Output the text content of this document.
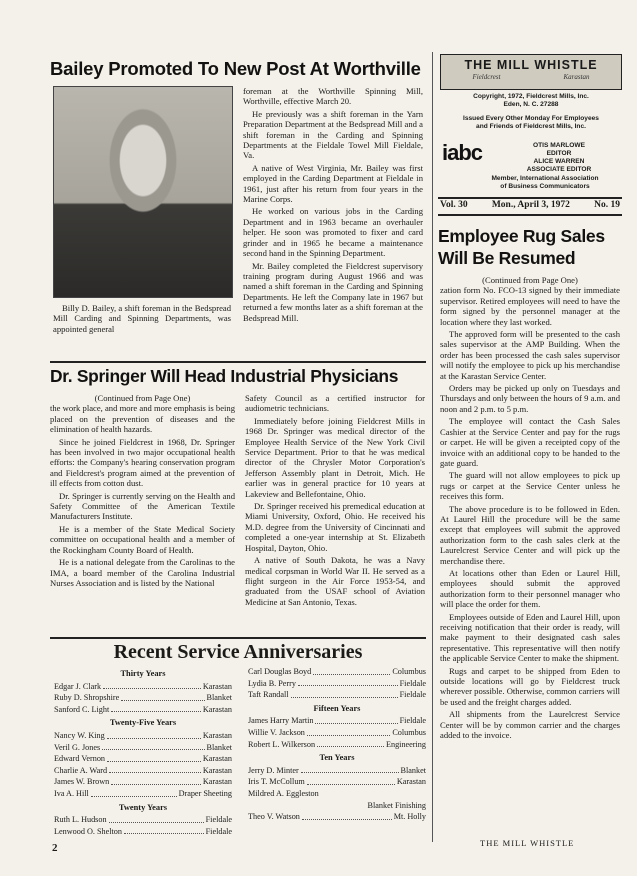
Bailey Promoted To New Post At Worthville

Billy D. Bailey, a shift foreman in the Bedspread Mill Carding and Spinning Departments, was appointed general

foreman at the Worthville Spinning Mill, Worthville, effective March 20.

He previously was a shift foreman in the Yarn Preparation Department at the Bedspread Mill and a shift foreman in the Carding and Spinning Departments at the Fieldale Towel Mill Fieldale, Va.

A native of West Virginia, Mr. Bailey was first employed in the Carding Department at Fieldale in 1961, just after his return from four years in the Marine Corps.

He worked on various jobs in the Carding Department and in 1963 became an overhauler helper. He soon was promoted to fixer and card grinder and in 1965 he became a maintenance second hand in the Spinning Department.

Mr. Bailey completed the Fieldcrest supervisory training program during August 1966 and was named a shift foreman in the Carding and Spinning Departments. He left the Company late in 1967 but returned a few months later as a shift foreman at the Bedspread Mill.

Dr. Springer Will Head Industrial Physicians
(Continued from Page One)

the work place, and more and more emphasis is being placed on the prevention of diseases and the elimination of health hazards.

Since he joined Fieldcrest in 1968, Dr. Springer has been involved in two major occupational health efforts: the Company's hearing conservation program and Fieldcrest's program aimed at the prevention of ill effects from cotton dust.

Dr. Springer is currently serving on the Health and Safety Committee of the American Textile Manufacturers Institute.

He is a member of the State Medical Society committee on occupational health and a member of the Rockingham County Board of Health.

He is a national delegate from the Carolinas to the IMA, a board member of the Carolina Industrial Nurses Association and is listed by the National

Safety Council as a certified instructor for audiometric technicians.

Immediately before joining Fieldcrest Mills in 1968 Dr. Springer was medical director of the Employee Health Service of the New York Civil Service Department. Prior to that he was medical director of the Chrysler Motor Corporation's Jefferson Assembly plant in Detroit, Mich. He earlier was in general practice for 10 years at Lakeview and Bellefontaine, Ohio.

Dr. Springer received his premedical education at Miami University, Oxford, Ohio. He received his M.D. degree from the University of Cincinnati and completed a one-year internship at St. Elizabeth Hospital, Dayton, Ohio.

A native of South Dakota, he was a Navy medical corpsman in World War II. He served as a flight surgeon in the Air Force 1953-54, and graduated from the USAF school of Aviation Medicine at San Antonio, Texas.

Recent Service Anniversaries
Thirty Years
Edgar J. Clark	Karastan
Ruby D. Shropshire	Blanket
Sanford C. Light	Karastan
Twenty-Five Years
Nancy W. King	Karastan
Veril G. Jones	Blanket
Edward Vernon	Karastan
Charlie A. Ward	Karastan
James W. Brown	Karastan
Iva A. Hill	Draper Sheeting
Twenty Years
Ruth L. Hudson	Fieldale
Lenwood O. Shelton	Fieldale
Carl Douglas Boyd	Columbus
Lydia B. Perry	Fieldale
Taft Randall	Fieldale
Fifteen Years
James Harry Martin	Fieldale
Willie V. Jackson	Columbus
Robert L. Wilkerson	Engineering
Ten Years
Jerry D. Minter	Blanket
Iris T. McCollum	Karastan
Mildred A. Eggleston
Blanket Finishing
Theo V. Watson	Mt. Holly
2
THE MILL WHISTLE
Fieldcrest	Karastan
Copyright, 1972, Fieldcrest Mills, Inc.
Eden, N. C. 27288
Issued Every Other Monday For Employees
and Friends of Fieldcrest Mills, Inc.
iabc	OTIS MARLOWE
EDITOR
ALICE WARREN
ASSOCIATE EDITOR
Member, International Association
of Business Communicators
Vol. 30	Mon., April 3, 1972	No. 19
Employee Rug Sales
Will Be Resumed
(Continued from Page One)

zation form No. FCO-13 signed by their immediate supervisor. Retired employees will need to have the form signed by the personnel manager at the location where they last worked.

The approved form will be presented to the cash sales supervisor at the AMP Building. When the order has been processed the cash sales supervisor will notify the employee to pick up his merchandise at the Karastan Service Center.

Orders may be picked up only on Tuesdays and Thursdays and only between the hours of 9 a.m. and noon and 2 p.m. to 5 p.m.

The employee will contact the Cash Sales Cashier at the Service Center and pay for the rugs or carpet. He will be given a receipted copy of the invoice with an additional copy to be handed to the gate guard.

The guard will not allow employees to pick up rugs or carpet at the Service Center unless he receives this form.

The above procedure is to be followed in Eden. At Laurel Hill the procedure will be the same except that employees will submit the approved authorization form to the cash sales clerk at the Laurelcrest Service Center and will pick up the merchandise there.

At locations other than Eden or Laurel Hill, employees should submit the approved authorization form to their personnel manager who will place the order for them.

Employees outside of Eden and Laurel Hill, upon receiving notification that their order is ready, will make payment to their designated cash sales representative. This representative will then notify the applicable Service Center to make the shipment.

Rugs and carpet to be shipped from Eden to outside locations will go by Fieldcrest truck wherever possible. Otherwise, common carriers will be used and the freight charges added.

All shipments from the Laurelcrest Service Center will be by common carrier and the charges added to the invoice.

THE MILL WHISTLE
